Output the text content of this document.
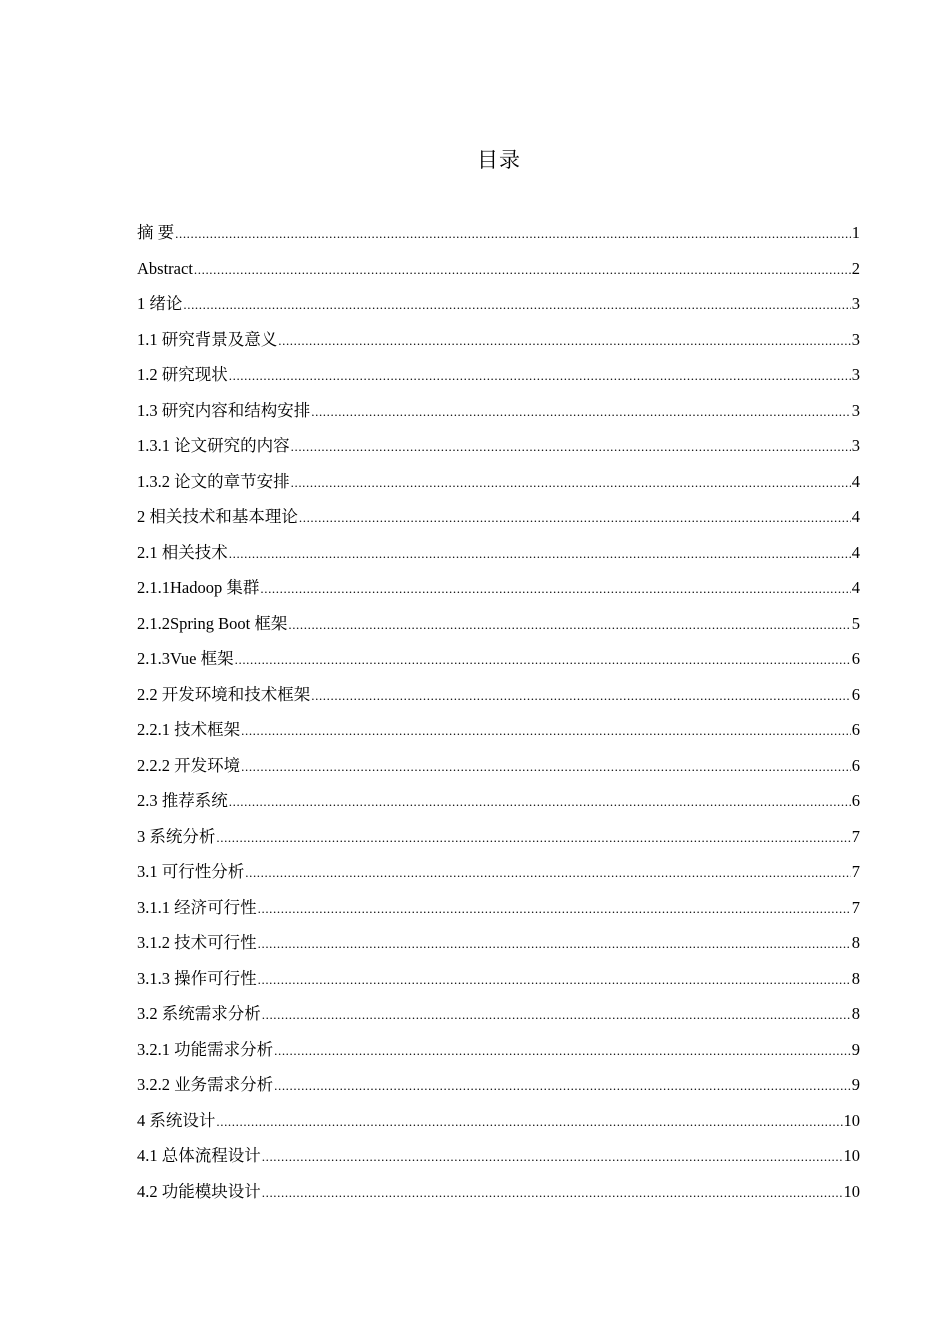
目录
摘 要 .....	1
Abstract .....	2
1 绪论 .....	3
1.1 研究背景及意义 .....	3
1.2 研究现状 .....	3
1.3 研究内容和结构安排 .....	3
1.3.1 论文研究的内容 .....	3
1.3.2 论文的章节安排 .....	4
2 相关技术和基本理论 .....	4
2.1 相关技术 .....	4
2.1.1Hadoop 集群 .....	4
2.1.2Spring Boot 框架 .....	5
2.1.3Vue 框架 .....	6
2.2 开发环境和技术框架 .....	6
2.2.1 技术框架 .....	6
2.2.2 开发环境 .....	6
2.3 推荐系统 .....	6
3 系统分析 .....	7
3.1 可行性分析 .....	7
3.1.1 经济可行性 .....	7
3.1.2 技术可行性 .....	8
3.1.3 操作可行性 .....	8
3.2 系统需求分析 .....	8
3.2.1 功能需求分析 .....	9
3.2.2 业务需求分析 .....	9
4 系统设计 .....	10
4.1 总体流程设计 .....	10
4.2 功能模块设计 .....	10
